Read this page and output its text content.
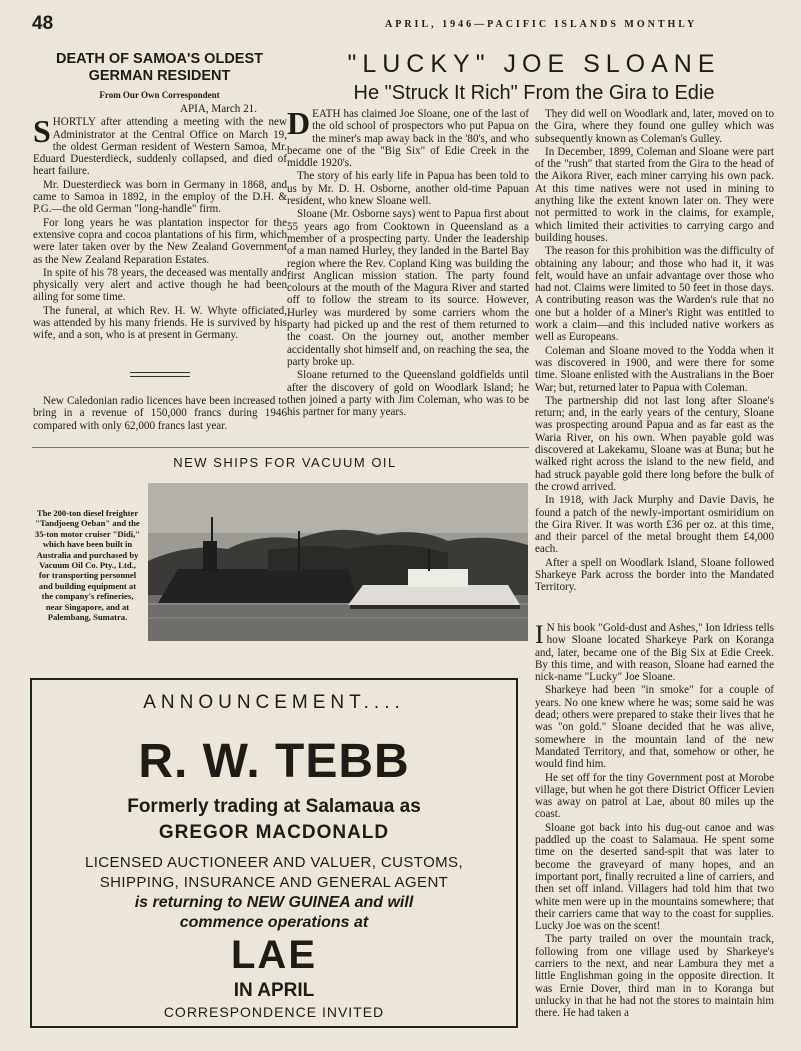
48	APRIL, 1946—PACIFIC ISLANDS MONTHLY
DEATH OF SAMOA'S OLDEST GERMAN RESIDENT
From Our Own Correspondent

APIA, March 21.

SHORTLY after attending a meeting with the new Administrator at the Central Office on March 19, the oldest German resident of Western Samoa, Mr. Eduard Duesterdieck, suddenly collapsed, and died of heart failure.

Mr. Duesterdieck was born in Germany in 1868, and came to Samoa in 1892, in the employ of the D.H. & P.G.—the old German "long-handle" firm.

For long years he was plantation inspector for the extensive copra and cocoa plantations of his firm, which were later taken over by the New Zealand Government as the New Zealand Reparation Estates.

In spite of his 78 years, the deceased was mentally and physically very alert and active though he had been ailing for some time.

The funeral, at which Rev. H. W. Whyte officiated, was attended by his many friends. He is survived by his wife, and a son, who is at present in Germany.

New Caledonian radio licences have been increased to bring in a revenue of 150,000 francs during 1946 compared with only 62,000 francs last year.

"LUCKY" JOE SLOANE
He "Struck It Rich" From the Gira to Edie

DEATH has claimed Joe Sloane, one of the last of the old school of prospectors who put Papua on the miner's map away back in the '80's, and who became one of the "Big Six" of Edie Creek in the middle 1920's.

The story of his early life in Papua has been told to us by Mr. D. H. Osborne, another old-time Papuan resident, who knew Sloane well.

Sloane (Mr. Osborne says) went to Papua first about 55 years ago from Cooktown in Queensland as a member of a prospecting party. Under the leadership of a man named Hurley, they landed in the Bartel Bay region where the Rev. Copland King was building the first Anglican mission station. The party found colours at the mouth of the Magura River and started off to follow the stream to its source. However, Hurley was murdered by some carriers whom the party had picked up and the rest of them returned to the coast. On the journey out, another member accidentally shot himself and, on reaching the sea, the party broke up.

Sloane returned to the Queensland goldfields until after the discovery of gold on Woodlark Island; he then joined a party with Jim Coleman, who was to be his partner for many years.

They did well on Woodlark and, later, moved on to the Gira, where they found one gulley which was subsequently known as Coleman's Gulley.

In December, 1899, Coleman and Sloane were part of the "rush" that started from the Gira to the head of the Aikora River, each miner carrying his own pack. At this time natives were not used in mining to anything like the extent known later on. They were not permitted to work in the claims, for example, which limited their activities to carrying cargo and building houses.

The reason for this prohibition was the difficulty of obtaining any labour; and those who had it, it was felt, would have an unfair advantage over those who had not. Claims were limited to 50 feet in those days. A contributing reason was the Warden's rule that no one but a holder of a Miner's Right was entitled to work a claim—and this included native workers as well as Europeans.

Coleman and Sloane moved to the Yodda when it was discovered in 1900, and were there for some time. Sloane enlisted with the Australians in the Boer War; but, returned later to Papua with Coleman.

The partnership did not last long after Sloane's return; and, in the early years of the century, Sloane was prospecting around Papua and as far east as the Waria River, on his own. When payable gold was discovered at Lakekamu, Sloane was at Buna; but he walked right across the island to the new field, and had struck payable gold there long before the bulk of the crowd arrived.

In 1918, with Jack Murphy and Davie Davis, he found a patch of the newly-important osmiridium on the Gira River. It was worth £36 per oz. at this time, and their parcel of the metal brought them £4,000 each.

After a spell on Woodlark Island, Sloane followed Sharkeye Park across the border into the Mandated Territory.

I N his book "Gold-dust and Ashes," Ion Idriess tells how Sloane located Sharkeye Park on Koranga and, later, became one of the Big Six at Edie Creek. By this time, and with reason, Sloane had earned the nick-name "Lucky" Joe Sloane.

Sharkeye had been "in smoke" for a couple of years. No one knew where he was; some said he was dead; others were prepared to stake their lives that he was "on gold." Sloane decided that he was alive, somewhere in the mountain land of the new Mandated Territory, and that, somehow or other, he would find him.

He set off for the tiny Government post at Morobe village, but when he got there District Officer Levien was away on patrol at Lae, about 80 miles up the coast.

Sloane got back into his dug-out canoe and was paddled up the coast to Salamaua. He spent some time on the deserted sand-spit that was later to become the graveyard of many hopes, and an important port, finally recruited a line of carriers, and then set off inland. Villagers had told him that two white men were up in the mountains somewhere; that their carriers came that way to the coast for supplies. Lucky Joe was on the scent!

The party trailed on over the mountain track, following from one village used by Sharkeye's carriers to the next, and near Lambura they met a little Englishman going in the opposite direction. It was Ernie Dover, third man in to Koranga but unlucky in that he had not the stores to maintain him there. He had taken a

NEW SHIPS FOR VACUUM OIL
The 200-ton diesel freighter "Tandjoeng Oeban" and the 35-ton motor cruiser "Didi," which have been built in Australia and purchased by Vacuum Oil Co. Pty., Ltd., for transporting personnel and building equipment at the company's refineries, near Singapore, and at Palembang, Sumatra.
ANNOUNCEMENT....
R. W. TEBB
Formerly trading at Salamaua as
GREGOR MACDONALD
LICENSED AUCTIONEER AND VALUER, CUSTOMS,
SHIPPING, INSURANCE AND GENERAL AGENT
is returning to NEW GUINEA and will
commence operations at
LAE
IN APRIL
CORRESPONDENCE INVITED
